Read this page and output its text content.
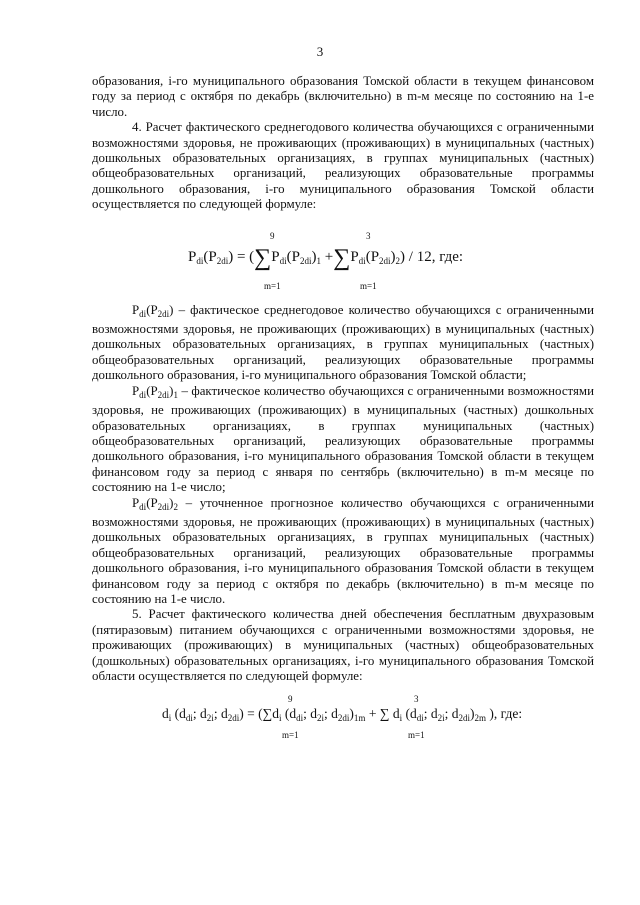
3

образования, i-го муниципального образования Томской области в текущем финансовом году за период с октября по декабрь (включительно) в m-м месяце по состоянию на 1-е число.

4. Расчет фактического среднегодового количества обучающихся с ограниченными возможностями здоровья, не проживающих (проживающих) в муниципальных (частных) дошкольных образовательных организациях, в группах муниципальных (частных) общеобразовательных организаций, реализующих образовательные программы дошкольного образования, i-го муниципального образования Томской области осуществляется по следующей формуле:

$P_{di}(P_{2di}) = (\sum P_{di}(P_{2di})_1 +\sum P_{di}(P_{2di})_2) / 12$, где:
9
m=1
3
m=1

$P_{di}(P_{2di})$ – фактическое среднегодовое количество обучающихся с ограниченными возможностями здоровья, не проживающих (проживающих) в муниципальных (частных) дошкольных образовательных организациях, в группах муниципальных (частных) общеобразовательных организаций, реализующих образовательные программы дошкольного образования, i-го муниципального образования Томской области;

$P_{di}(P_{2di})_1$ – фактическое количество обучающихся с ограниченными возможностями здоровья, не проживающих (проживающих) в муниципальных (частных) дошкольных образовательных организациях, в группах муниципальных (частных) общеобразовательных организаций, реализующих образовательные программы дошкольного образования, i-го муниципального образования Томской области в текущем финансовом году за период с января по сентябрь (включительно) в m-м месяце по состоянию на 1-е число;

$P_{di}(P_{2di})_2$ – уточненное прогнозное количество обучающихся с ограниченными возможностями здоровья, не проживающих (проживающих) в муниципальных (частных) дошкольных образовательных организациях, в группах муниципальных (частных) общеобразовательных организаций, реализующих образовательные программы дошкольного образования, i-го муниципального образования Томской области в текущем финансовом году за период с октября по декабрь (включительно) в m-м месяце по состоянию на 1-е число.

5. Расчет фактического количества дней обеспечения бесплатным двухразовым (пятиразовым) питанием обучающихся с ограниченными возможностями здоровья, не проживающих (проживающих) в муниципальных (частных) общеобразовательных (дошкольных) образовательных организациях, i-го муниципального образования Томской области осуществляется по следующей формуле:

$d_i$ ($d_{di}$; $d_{2i}$; $d_{2di}) = (\sum d_i$ ($d_{di}$; $d_{2i}$; $d_{2di})_{1m}$ + ∑ $d_i$ ($d_{di}$; $d_{2i}$; $d_{2di})_{2m}$ ), где:
9
m=1
3
m=1
